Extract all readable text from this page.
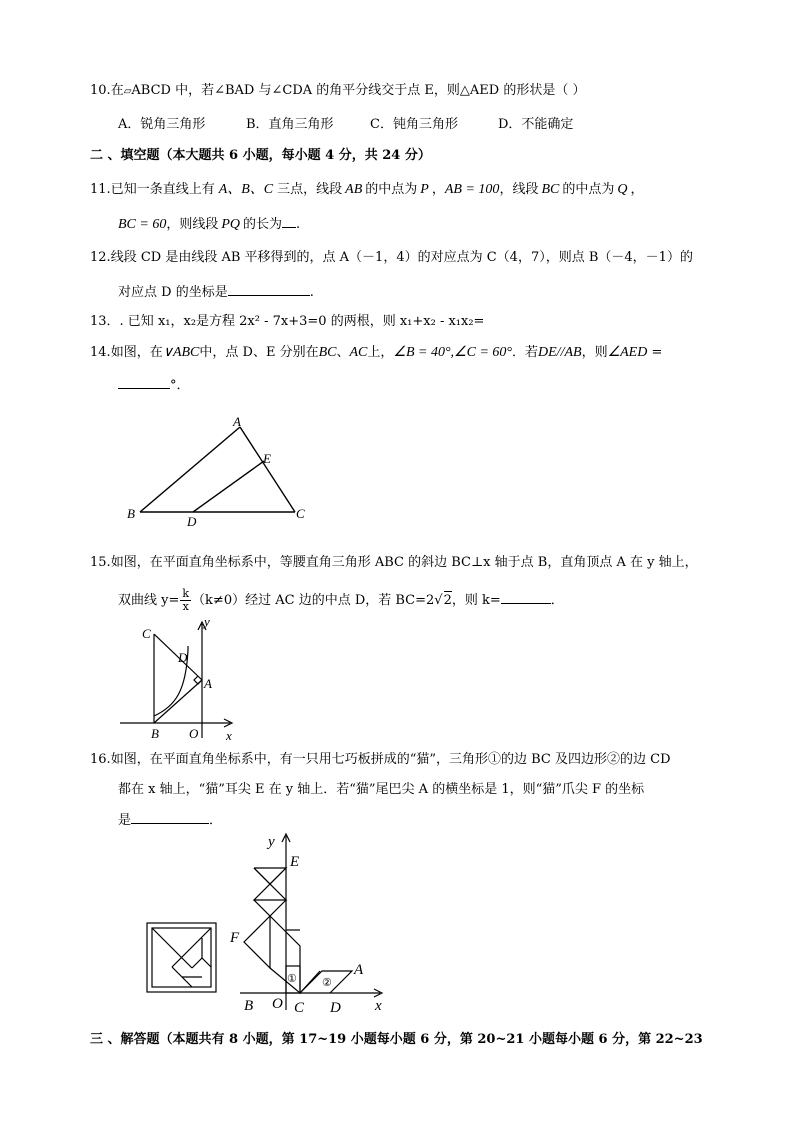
10.在▱ABCD 中，若∠BAD 与∠CDA 的角平分线交于点 E，则△AED 的形状是（ ）
A．锐角三角形	B．直角三角形	C．钝角三角形	D．不能确定
二 、填空题（本大题共 6 小题，每小题 4 分，共 24 分）
11.已知一条直线上有 A、B、C 三点，线段 AB 的中点为 P ，AB = 100，线段 BC 的中点为 Q ，
BC = 60，则线段 PQ 的长为 .
12.线段 CD 是由线段 AB 平移得到的，点 A（－1，4）的对应点为 C（4，7），则点 B（－4，－1）的
对应点 D 的坐标是	.
13．. 已知 x₁，x₂是方程 2x² - 7x+3=0 的两根，则 x₁+x₂ - x₁x₂=
14.如图，在∨ABC中，点 D、E 分别在BC、AC上，∠B = 40°,∠C = 60°．若DE//AB，则∠AED =
°．
A
E
B
D
C
15.如图，在平面直角坐标系中，等腰直角三角形 ABC 的斜边 BC⊥x 轴于点 B，直角顶点 A 在 y 轴上，
双曲线 $y= \frac{k}{x} (k\ne 0)$经过 AC 边的中点 D，若 BC=2√2，则 k=	．
C
D
A
B O x
y
16.如图，在平面直角坐标系中，有一只用七巧板拼成的“猫”，三角形①的边 BC 及四边形②的边 CD
都在 x 轴上，“猫”耳尖 E 在 y 轴上．若“猫”尾巴尖 A 的横坐标是 1，则“猫”爪尖 F 的坐标
是	．
y
E
F
① ②
A
B O C D x
三 、解答题（本题共有 8 小题，第 17~19 小题每小题 6 分，第 20~21 小题每小题 6 分，第 22~23
